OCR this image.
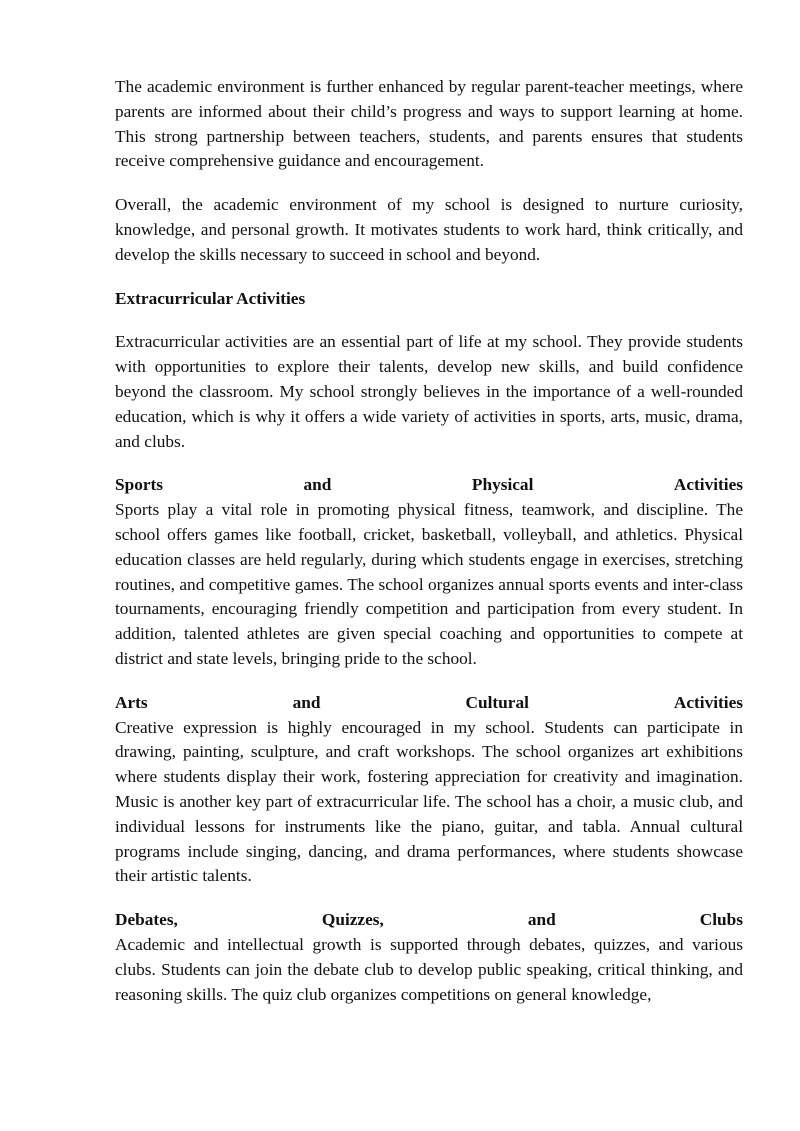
The academic environment is further enhanced by regular parent-teacher meetings, where parents are informed about their child’s progress and ways to support learning at home. This strong partnership between teachers, students, and parents ensures that students receive comprehensive guidance and encouragement.

Overall, the academic environment of my school is designed to nurture curiosity, knowledge, and personal growth. It motivates students to work hard, think critically, and develop the skills necessary to succeed in school and beyond.

Extracurricular Activities

Extracurricular activities are an essential part of life at my school. They provide students with opportunities to explore their talents, develop new skills, and build confidence beyond the classroom. My school strongly believes in the importance of a well-rounded education, which is why it offers a wide variety of activities in sports, arts, music, drama, and clubs.

Sports	and	Physical	Activities
Sports play a vital role in promoting physical fitness, teamwork, and discipline. The school offers games like football, cricket, basketball, volleyball, and athletics. Physical education classes are held regularly, during which students engage in exercises, stretching routines, and competitive games. The school organizes annual sports events and inter-class tournaments, encouraging friendly competition and participation from every student. In addition, talented athletes are given special coaching and opportunities to compete at district and state levels, bringing pride to the school.
Arts	and	Cultural	Activities
Creative expression is highly encouraged in my school. Students can participate in drawing, painting, sculpture, and craft workshops. The school organizes art exhibitions where students display their work, fostering appreciation for creativity and imagination. Music is another key part of extracurricular life. The school has a choir, a music club, and individual lessons for instruments like the piano, guitar, and tabla. Annual cultural programs include singing, dancing, and drama performances, where students showcase their artistic talents.
Debates,	Quizzes,	and	Clubs
Academic and intellectual growth is supported through debates, quizzes, and various clubs. Students can join the debate club to develop public speaking, critical thinking, and reasoning skills. The quiz club organizes competitions on general knowledge,
